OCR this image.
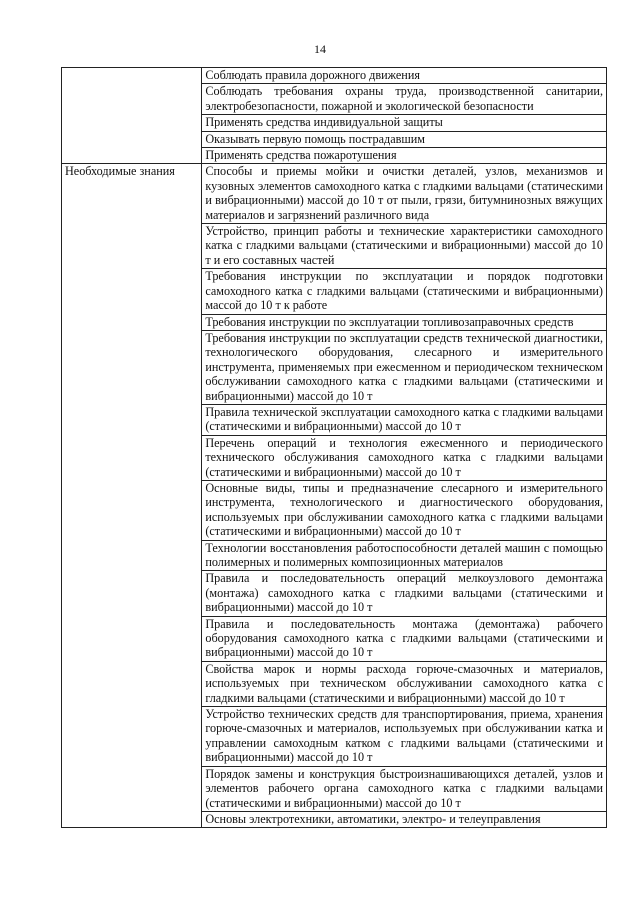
14
	Соблюдать правила дорожного движения
	Соблюдать требования охраны труда, производственной санитарии, электробезопасности, пожарной и экологической безопасности
	Применять средства индивидуальной защиты
	Оказывать первую помощь пострадавшим
	Применять средства пожаротушения
Необходимые знания	Способы и приемы мойки и очистки деталей, узлов, механизмов и кузовных элементов самоходного катка с гладкими вальцами (статическими и вибрационными) массой до 10 т от пыли, грязи, битумнинозных вяжущих материалов и загрязнений различного вида
	Устройство, принцип работы и технические характеристики самоходного катка с гладкими вальцами (статическими и вибрационными) массой до 10 т и его составных частей
	Требования инструкции по эксплуатации и порядок подготовки самоходного катка с гладкими вальцами (статическими и вибрационными) массой до 10 т к работе
	Требования инструкции по эксплуатации топливозаправочных средств
	Требования инструкции по эксплуатации средств технической диагностики, технологического оборудования, слесарного и измерительного инструмента, применяемых при ежесменном и периодическом техническом обслуживании самоходного катка с гладкими вальцами (статическими и вибрационными) массой до 10 т
	Правила технической эксплуатации самоходного катка с гладкими вальцами (статическими и вибрационными) массой до 10 т
	Перечень операций и технология ежесменного и периодического технического обслуживания самоходного катка с гладкими вальцами (статическими и вибрационными) массой до 10 т
	Основные виды, типы и предназначение слесарного и измерительного инструмента, технологического и диагностического оборудования, используемых при обслуживании самоходного катка с гладкими вальцами (статическими и вибрационными) массой до 10 т
	Технологии восстановления работоспособности деталей машин с помощью полимерных и полимерных композиционных материалов
	Правила и последовательность операций мелкоузлового демонтажа (монтажа) самоходного катка с гладкими вальцами (статическими и вибрационными) массой до 10 т
	Правила и последовательность монтажа (демонтажа) рабочего оборудования самоходного катка с гладкими вальцами (статическими и вибрационными) массой до 10 т
	Свойства марок и нормы расхода горюче-смазочных и материалов, используемых при техническом обслуживании самоходного катка с гладкими вальцами (статическими и вибрационными) массой до 10 т
	Устройство технических средств для транспортирования, приема, хранения горюче-смазочных и материалов, используемых при обслуживании катка и управлении самоходным катком с гладкими вальцами (статическими и вибрационными) массой до 10 т
	Порядок замены и конструкция быстроизнашивающихся деталей, узлов и элементов рабочего органа самоходного катка с гладкими вальцами (статическими и вибрационными) массой до 10 т
	Основы электротехники, автоматики, электро- и телеуправления
